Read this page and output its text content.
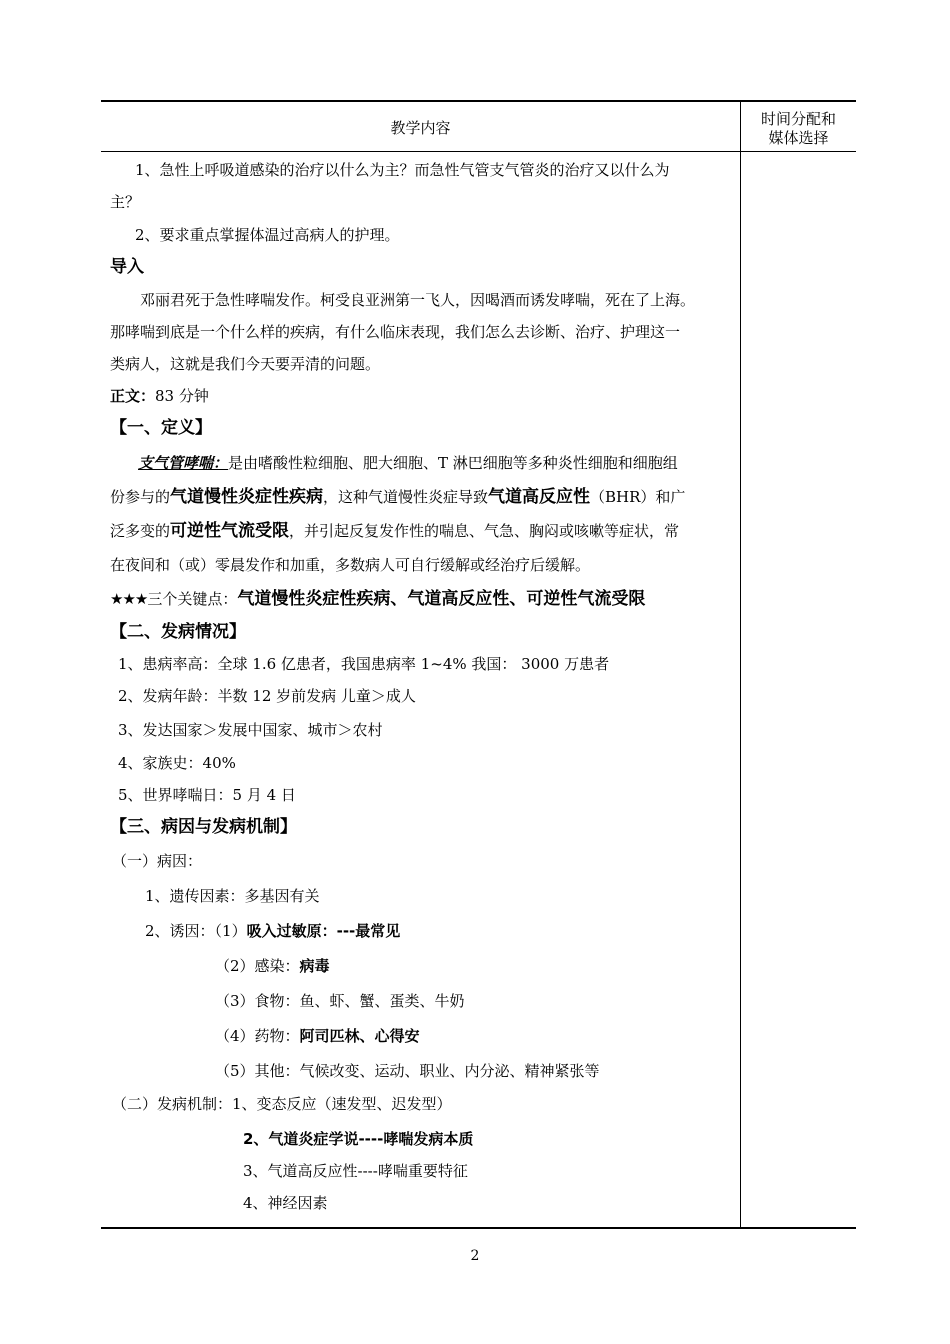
教学内容	时间分配和
媒体选择
1、急性上呼吸道感染的治疗以什么为主？而急性气管支气管炎的治疗又以什么为
主？
2、要求重点掌握体温过高病人的护理。
导入
邓丽君死于急性哮喘发作。柯受良亚洲第一飞人，因喝酒而诱发哮喘，死在了上海。
那哮喘到底是一个什么样的疾病，有什么临床表现，我们怎么去诊断、治疗、护理这一
类病人，这就是我们今天要弄清的问题。
正文：83 分钟
【一、定义】
支气管哮喘：是由嗜酸性粒细胞、肥大细胞、T 淋巴细胞等多种炎性细胞和细胞组
份参与的气道慢性炎症性疾病，这种气道慢性炎症导致气道高反应性（BHR）和广
泛多变的可逆性气流受限，并引起反复发作性的喘息、气急、胸闷或咳嗽等症状，常
在夜间和（或）零晨发作和加重，多数病人可自行缓解或经治疗后缓解。
★★★三个关键点：气道慢性炎症性疾病、气道高反应性、可逆性气流受限
【二、发病情况】
1、患病率高：全球 1.6 亿患者，我国患病率 1~4% 我国： 3000 万患者
2、发病年龄：半数 12 岁前发病 儿童＞成人
3、发达国家＞发展中国家、城市＞农村
4、家族史：40%
5、世界哮喘日：5 月 4 日
【三、病因与发病机制】
（一）病因：
1、遗传因素：多基因有关
2、诱因：（1）吸入过敏原：---最常见
（2）感染：病毒
（3）食物：鱼、虾、蟹、蛋类、牛奶
（4）药物：阿司匹林、心得安
（5）其他：气候改变、运动、职业、内分泌、精神紧张等
（二）发病机制：1、变态反应（速发型、迟发型）
2、气道炎症学说----哮喘发病本质
3、气道高反应性----哮喘重要特征
4、神经因素
2
